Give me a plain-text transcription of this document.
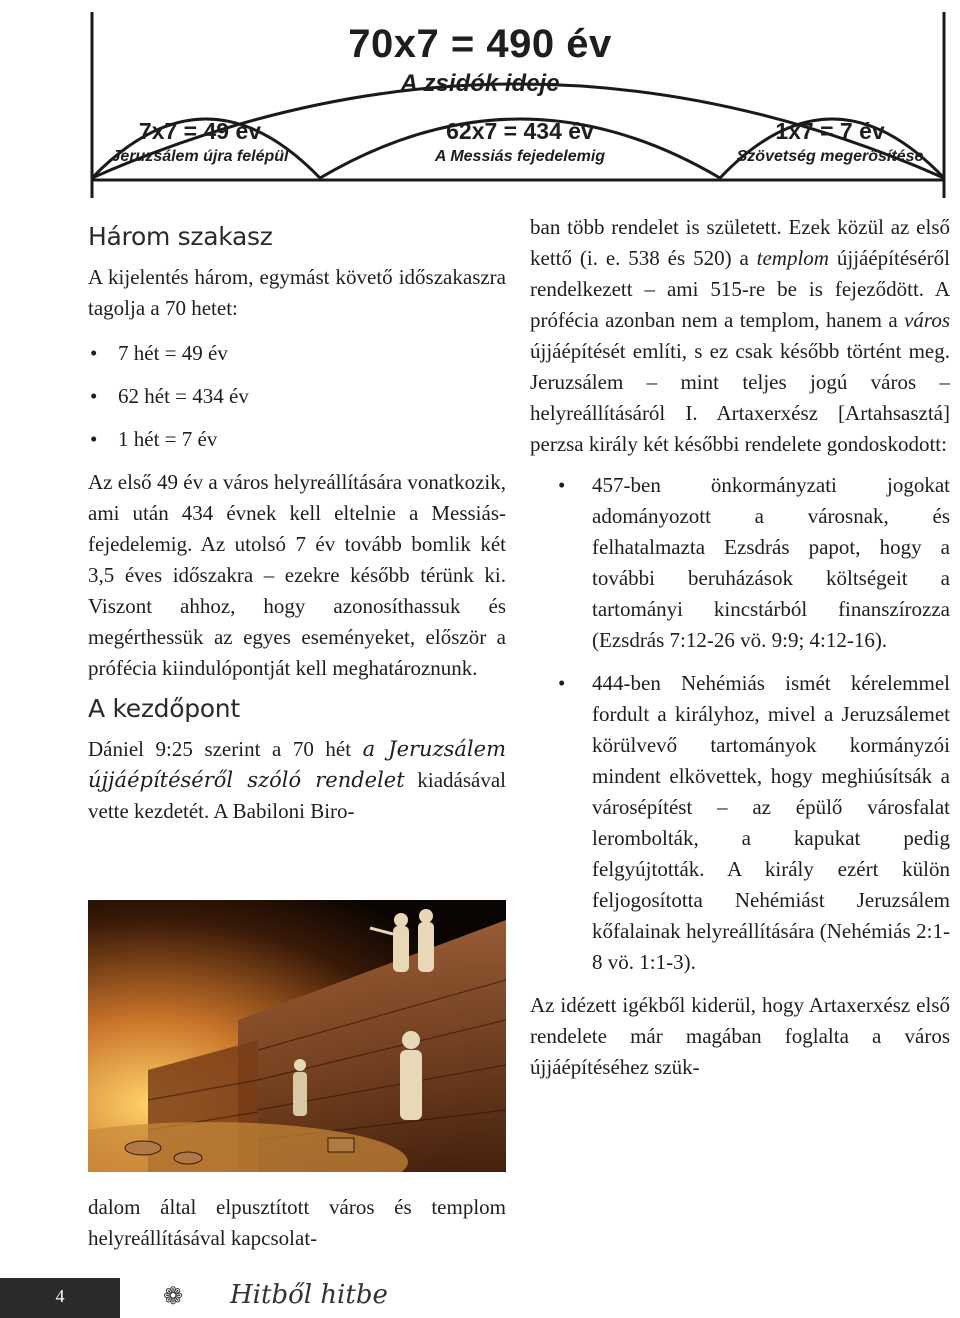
70x7 = 490 év
A zsidók ideje
7x7 = 49 év
Jeruzsálem újra felépül
62x7 = 434 év
A Messiás fejedelemig
1x7 = 7 év
Szövetség megerősítése
Három szakasz

A kijelentés három, egymást követő időszakaszra tagolja a 70 hetet:

• 7 hét = 49 év
• 62 hét = 434 év
• 1 hét = 7 év

Az első 49 év a város helyreállítására vonatkozik, ami után 434 évnek kell eltelnie a Messiás-fejedelemig. Az utolsó 7 év tovább bomlik két 3,5 éves időszakra – ezekre később térünk ki. Viszont ahhoz, hogy azonosíthassuk és megérthessük az egyes eseményeket, először a prófécia kiindulópontját kell meghatároznunk.

A kezdőpont

Dániel 9:25 szerint a 70 hét a Jeruzsálem újjáépítéséről szóló rendelet kiadásával vette kezdetét. A Babiloni Biro-

dalom által elpusztított város és templom helyreállításával kapcsolat-

ban több rendelet is született. Ezek közül az első kettő (i. e. 538 és 520) a templom újjáépítéséről rendelkezett – ami 515-re be is fejeződött. A prófécia azonban nem a templom, hanem a város újjáépítését említi, s ez csak később történt meg. Jeruzsálem – mint teljes jogú város – helyreállításáról I. Artaxerxész [Artahsasztá] perzsa király két későbbi rendelete gondoskodott:

• 457-ben önkormányzati jogokat adományozott a városnak, és felhatalmazta Ezsdrás papot, hogy a további beruházások költségeit a tartományi kincstárból finanszírozza (Ezsdrás 7:12-26 vö. 9:9; 4:12-16).
• 444-ben Nehémiás ismét kérelemmel fordult a királyhoz, mivel a Jeruzsálemet körülvevő tartományok kormányzói mindent elkövettek, hogy meghiúsítsák a városépítést – az épülő városfalat lerombolták, a kapukat pedig felgyújtották. A király ezért külön feljogosította Nehémiást Jeruzsálem kőfalainak helyreállítására (Nehémiás 2:1-8 vö. 1:1-3).

Az idézett igékből kiderül, hogy Artaxerxész első rendelete már magában foglalta a város újjáépítéséhez szük-

4	❁ Hitből hitbe
